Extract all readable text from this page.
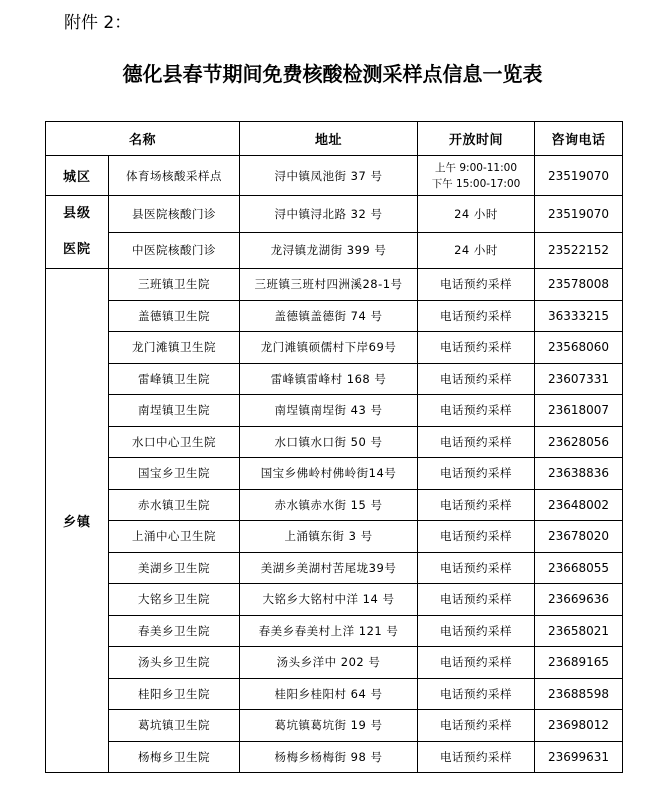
附件 2：
德化县春节期间免费核酸检测采样点信息一览表
名称		地址	开放时间	咨询电话
城区	体育场核酸采样点	浔中镇凤池街 37 号	上午 9:00-11:00
下午 15:00-17:00	23519070

县级
医院	县医院核酸门诊	浔中镇浔北路 32 号	24 小时	23519070
	中医院核酸门诊	龙浔镇龙湖街 399 号	24 小时	23522152
乡镇	三班镇卫生院	三班镇三班村四洲溪28-1号	电话预约采样	23578008
	盖德镇卫生院	盖德镇盖德街 74 号	电话预约采样	36333215
	龙门滩镇卫生院	龙门滩镇硕儒村下岸69号	电话预约采样	23568060
	雷峰镇卫生院	雷峰镇雷峰村 168 号	电话预约采样	23607331
	南埕镇卫生院	南埕镇南埕街 43 号	电话预约采样	23618007
	水口中心卫生院	水口镇水口街 50 号	电话预约采样	23628056
	国宝乡卫生院	国宝乡佛岭村佛岭街14号	电话预约采样	23638836
	赤水镇卫生院	赤水镇赤水街 15 号	电话预约采样	23648002
	上涌中心卫生院	上涌镇东街 3 号	电话预约采样	23678020
	美湖乡卫生院	美湖乡美湖村苦尾垅39号	电话预约采样	23668055
	大铭乡卫生院	大铭乡大铭村中洋 14 号	电话预约采样	23669636
	春美乡卫生院	春美乡春美村上洋 121 号	电话预约采样	23658021
	汤头乡卫生院	汤头乡洋中 202 号	电话预约采样	23689165
	桂阳乡卫生院	桂阳乡桂阳村 64 号	电话预约采样	23688598
	葛坑镇卫生院	葛坑镇葛坑街 19 号	电话预约采样	23698012
	杨梅乡卫生院	杨梅乡杨梅街 98 号	电话预约采样	23699631
